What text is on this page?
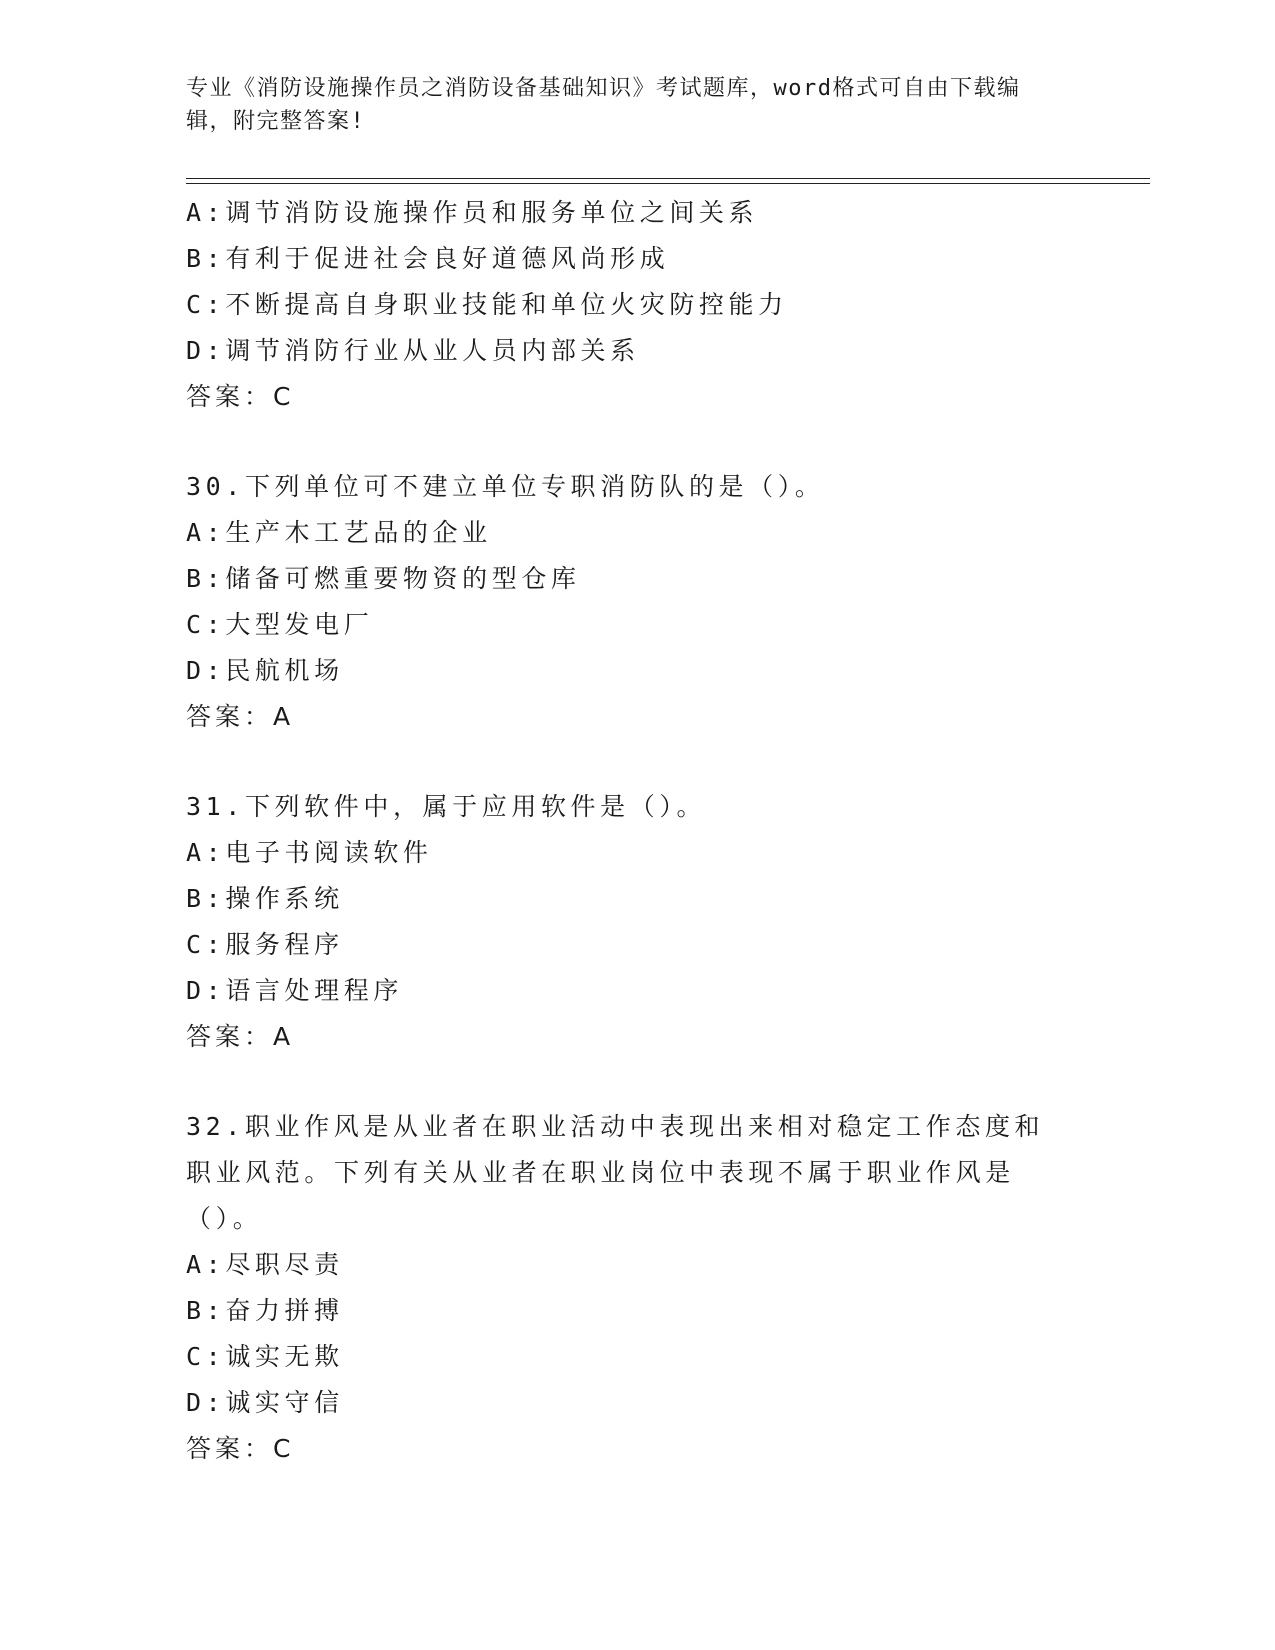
专业《消防设施操作员之消防设备基础知识》考试题库，word格式可自由下载编辑，附完整答案!
A:调节消防设施操作员和服务单位之间关系
B:有利于促进社会良好道德风尚形成
C:不断提高自身职业技能和单位火灾防控能力
D:调节消防行业从业人员内部关系
答案：C
30.下列单位可不建立单位专职消防队的是（）。
A:生产木工艺品的企业
B:储备可燃重要物资的型仓库
C:大型发电厂
D:民航机场
答案：A
31.下列软件中，属于应用软件是（）。
A:电子书阅读软件
B:操作系统
C:服务程序
D:语言处理程序
答案：A
32.职业作风是从业者在职业活动中表现出来相对稳定工作态度和职业风范。下列有关从业者在职业岗位中表现不属于职业作风是（）。
A:尽职尽责
B:奋力拼搏
C:诚实无欺
D:诚实守信
答案：C
